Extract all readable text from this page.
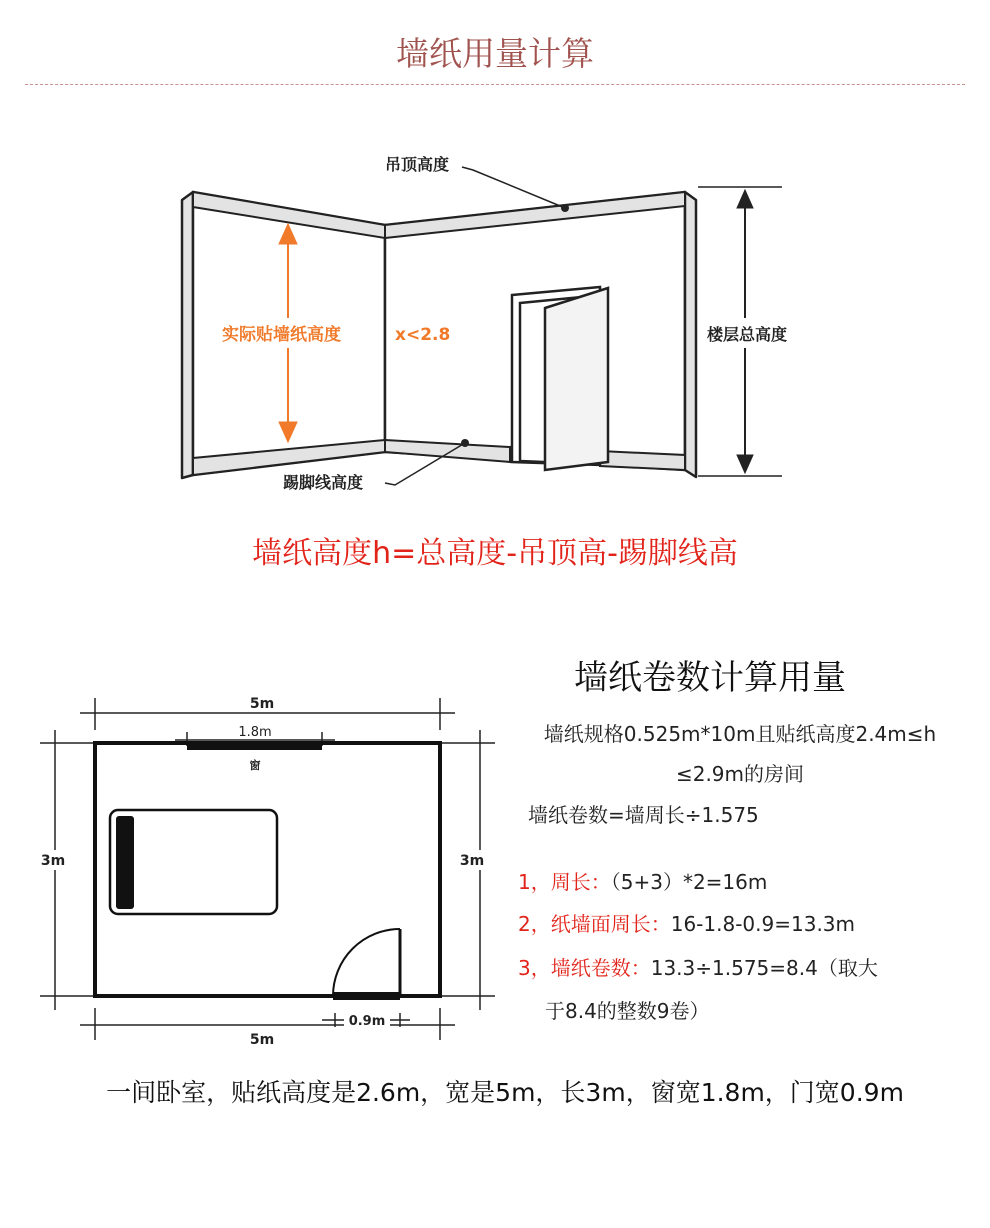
墙纸用量计算
吊顶高度
实际贴墙纸高度	x<2.8	楼层总高度
踢脚线高度
墙纸高度h=总高度-吊顶高-踢脚线高
5m
1.8m
窗
3m	3m
0.9m
5m
墙纸卷数计算用量
墙纸规格0.525m*10m且贴纸高度2.4m≤h
≤2.9m的房间
墙纸卷数=墙周长÷1.575
1，周长：（5+3）*2=16m
2，纸墙面周长：16-1.8-0.9=13.3m
3，墙纸卷数：13.3÷1.575=8.4（取大
于8.4的整数9卷）
一间卧室，贴纸高度是2.6m，宽是5m，长3m，窗宽1.8m，门宽0.9m
